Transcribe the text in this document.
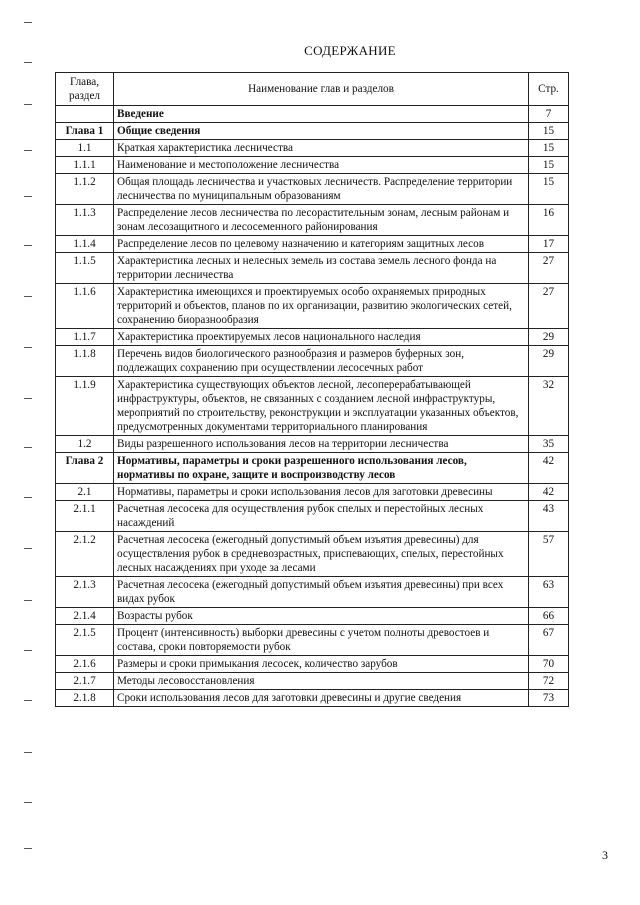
СОДЕРЖАНИЕ
Глава, раздел	Наименование глав и разделов	Стр.
	Введение	7
Глава 1	Общие сведения	15
1.1	Краткая характеристика лесничества	15
1.1.1	Наименование и местоположение лесничества	15
1.1.2	Общая площадь лесничества и участковых лесничеств. Распределение территории лесничества по муниципальным образованиям	15
1.1.3	Распределение лесов лесничества по лесорастительным зонам, лесным районам и зонам лесозащитного и лесосеменного районирования	16
1.1.4	Распределение лесов по целевому назначению и категориям защитных лесов	17
1.1.5	Характеристика лесных и нелесных земель из состава земель лесного фонда на территории лесничества	27
1.1.6	Характеристика имеющихся и проектируемых особо охраняемых природных территорий и объектов, планов по их организации, развитию экологических сетей, сохранению биоразнообразия	27
1.1.7	Характеристика проектируемых лесов национального наследия	29
1.1.8	Перечень видов биологического разнообразия и размеров буферных зон, подлежащих сохранению при осуществлении лесосечных работ	29
1.1.9	Характеристика существующих объектов лесной, лесоперерабатывающей инфраструктуры, объектов, не связанных с созданием лесной инфраструктуры, мероприятий по строительству, реконструкции и эксплуатации указанных объектов, предусмотренных документами территориального планирования	32
1.2	Виды разрешенного использования лесов на территории лесничества	35
Глава 2	Нормативы, параметры и сроки разрешенного использования лесов, нормативы по охране, защите и воспроизводству лесов	42
2.1	Нормативы, параметры и сроки использования лесов для заготовки древесины	42
2.1.1	Расчетная лесосека для осуществления рубок спелых и перестойных лесных насаждений	43
2.1.2	Расчетная лесосека (ежегодный допустимый объем изъятия древесины) для осуществления рубок в средневозрастных, приспевающих, спелых, перестойных лесных насаждениях при уходе за лесами	57
2.1.3	Расчетная лесосека (ежегодный допустимый объем изъятия древесины) при всех видах рубок	63
2.1.4	Возрасты рубок	66
2.1.5	Процент (интенсивность) выборки древесины с учетом полноты древостоев и состава, сроки повторяемости рубок	67
2.1.6	Размеры и сроки примыкания лесосек, количество зарубов	70
2.1.7	Методы лесовосстановления	72
2.1.8	Сроки использования лесов для заготовки древесины и другие сведения	73
3
